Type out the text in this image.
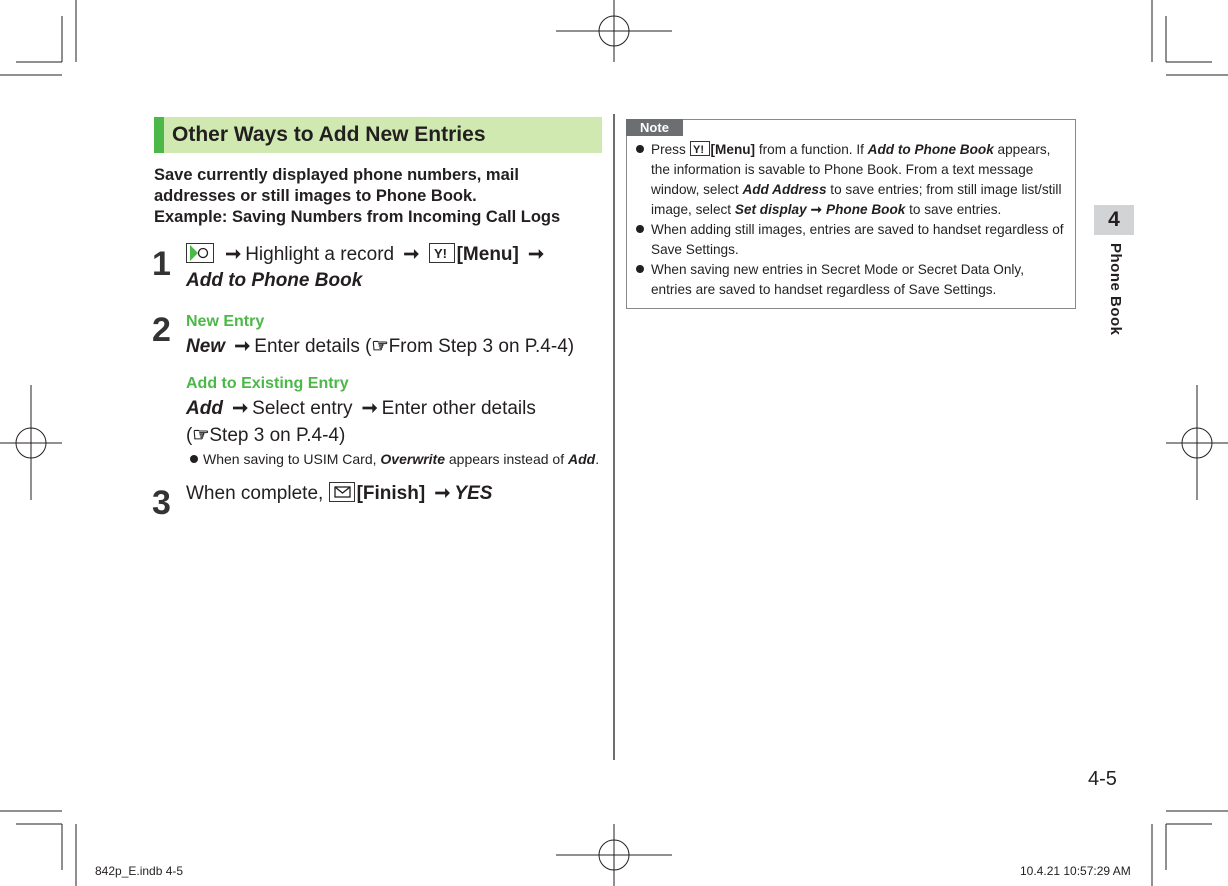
Other Ways to Add New Entries
Save currently displayed phone numbers, mail addresses or still images to Phone Book.
Example: Saving Numbers from Incoming Call Logs
1	➞ Highlight a record ➞ Y! [Menu] ➞
Add to Phone Book
2 New Entry
New ➞ Enter details (☞From Step 3 on P.4-4)
Add to Existing Entry
Add ➞ Select entry ➞ Enter other details
(☞Step 3 on P.4-4)
When saving to USIM Card, Overwrite appears instead of Add.
3 When complete,
[Finish] ➞ YES
Note
Press Y! [Menu] from a function. If Add to Phone Book appears, the information is savable to Phone Book. From a text message window, select Add Address to save entries; from still image list/still image, select Set display ➞ Phone Book to save entries.
When adding still images, entries are saved to handset regardless of Save Settings.
When saving new entries in Secret Mode or Secret Data Only, entries are saved to handset regardless of Save Settings.
4
Phone Book
4-5
842p_E.indb 4-5	10.4.21 10:57:29 AM
